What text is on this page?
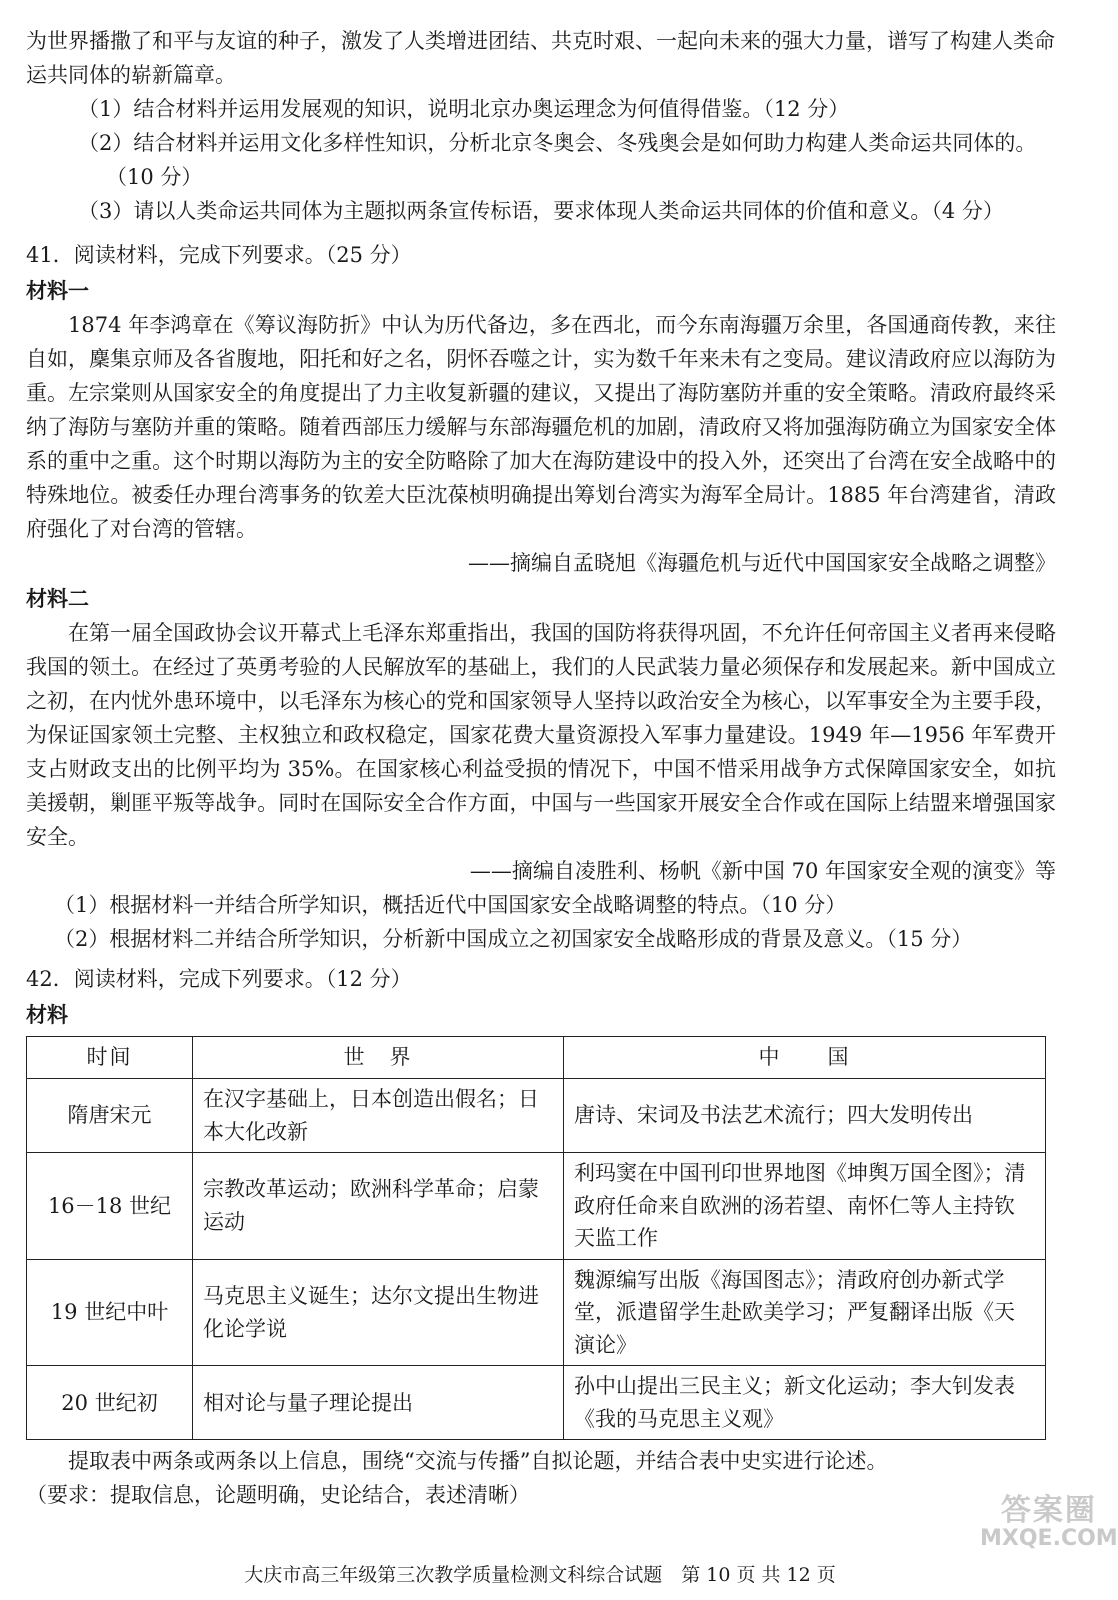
为世界播撒了和平与友谊的种子，激发了人类增进团结、共克时艰、一起向未来的强大力量，谱写了构建人类命运共同体的崭新篇章。

（1）结合材料并运用发展观的知识，说明北京办奥运理念为何值得借鉴。（12 分）

（2）结合材料并运用文化多样性知识，分析北京冬奥会、冬残奥会是如何助力构建人类命运共同体的。（10 分）

（3）请以人类命运共同体为主题拟两条宣传标语，要求体现人类命运共同体的价值和意义。（4 分）

41．阅读材料，完成下列要求。（25 分）

材料一

1874 年李鸿章在《筹议海防折》中认为历代备边，多在西北，而今东南海疆万余里，各国通商传教，来往自如，麇集京师及各省腹地，阳托和好之名，阴怀吞噬之计，实为数千年来未有之变局。建议清政府应以海防为重。左宗棠则从国家安全的角度提出了力主收复新疆的建议，又提出了海防塞防并重的安全策略。清政府最终采纳了海防与塞防并重的策略。随着西部压力缓解与东部海疆危机的加剧，清政府又将加强海防确立为国家安全体系的重中之重。这个时期以海防为主的安全防略除了加大在海防建设中的投入外，还突出了台湾在安全战略中的特殊地位。被委任办理台湾事务的钦差大臣沈葆桢明确提出筹划台湾实为海军全局计。1885 年台湾建省，清政府强化了对台湾的管辖。

——摘编自孟晓旭《海疆危机与近代中国国家安全战略之调整》

材料二

在第一届全国政协会议开幕式上毛泽东郑重指出，我国的国防将获得巩固，不允许任何帝国主义者再来侵略我国的领土。在经过了英勇考验的人民解放军的基础上，我们的人民武装力量必须保存和发展起来。新中国成立之初，在内忧外患环境中，以毛泽东为核心的党和国家领导人坚持以政治安全为核心，以军事安全为主要手段，为保证国家领土完整、主权独立和政权稳定，国家花费大量资源投入军事力量建设。1949 年—1956 年军费开支占财政支出的比例平均为 35%。在国家核心利益受损的情况下，中国不惜采用战争方式保障国家安全，如抗美援朝，剿匪平叛等战争。同时在国际安全合作方面，中国与一些国家开展安全合作或在国际上结盟来增强国家安全。

——摘编自凌胜利、杨帆《新中国 70 年国家安全观的演变》等

（1）根据材料一并结合所学知识，概括近代中国国家安全战略调整的特点。（10 分）

（2）根据材料二并结合所学知识，分析新中国成立之初国家安全战略形成的背景及意义。（15 分）

42．阅读材料，完成下列要求。（12 分）

材料

时间	世　界	中　　国
隋唐宋元	在汉字基础上，日本创造出假名；日本大化改新	唐诗、宋词及书法艺术流行；四大发明传出
16－18 世纪	宗教改革运动；欧洲科学革命；启蒙运动	利玛窦在中国刊印世界地图《坤舆万国全图》；清政府任命来自欧洲的汤若望、南怀仁等人主持钦天监工作
19 世纪中叶	马克思主义诞生；达尔文提出生物进化论学说	魏源编写出版《海国图志》；清政府创办新式学堂，派遣留学生赴欧美学习；严复翻译出版《天演论》
20 世纪初	相对论与量子理论提出	孙中山提出三民主义；新文化运动；李大钊发表《我的马克思主义观》

提取表中两条或两条以上信息，围绕“交流与传播”自拟论题，并结合表中史实进行论述。

（要求：提取信息，论题明确，史论结合，表述清晰）

大庆市高三年级第三次教学质量检测文科综合试题　第 10 页 共 12 页
答案圈
MXQE.COM
